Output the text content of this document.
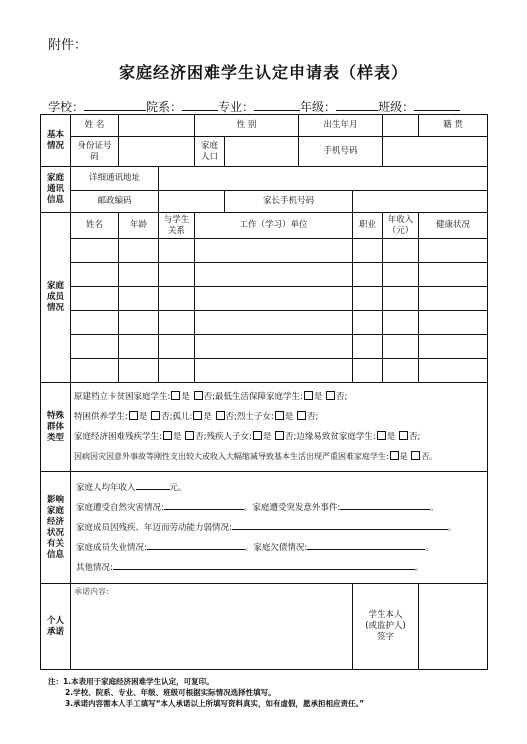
附件：
家庭经济困难学生认定申请表（样表）
学校：	院系：	专业：	年级：	班级：
基本情况	姓 名			性 别		出生年月			籍 贯
	身份证号 码			家庭人口		手机号码			
家庭通讯信息	详细通讯地址								
	邮政编码				家长手机号码				
家庭成员情况	姓名	年龄	与学生关系	工作（学习）单位			职业	年收入（元）	健康状况

特殊群体类型	原建档立卡贫困家庭学生: 是 否;最低生活保障家庭学生: 是 否;
特困供养学生: 是 否;孤儿: 是 否;烈士子女: 是 否;
家庭经济困难残疾学生: 是 否;残疾人子女: 是 否;边缘易致贫家庭学生: 是 否;
因病因灾因意外事故等刚性支出较大或收入大幅缩减导致基本生活出现严重困难家庭学生: 是 否。								

影响家庭经济状况有关信息	家庭人均年收入 元。
家庭遭受自然灾害情况: 。家庭遭受突发意外事件: 。
家庭成员因残疾、年迈而劳动能力弱情况: 。
家庭成员失业情况: 。家庭欠债情况: 。
其他情况: 。								

个人承诺	承诺内容:						学生本人
(或监护人)
签字		

注：1.本表用于家庭经济困难学生认定，可复印。
2.学校、院系、专业、年级、班级可根据实际情况选择性填写。
3.承诺内容需本人手工填写“本人承诺以上所填写资料真实，如有虚假，愿承担相应责任。”
